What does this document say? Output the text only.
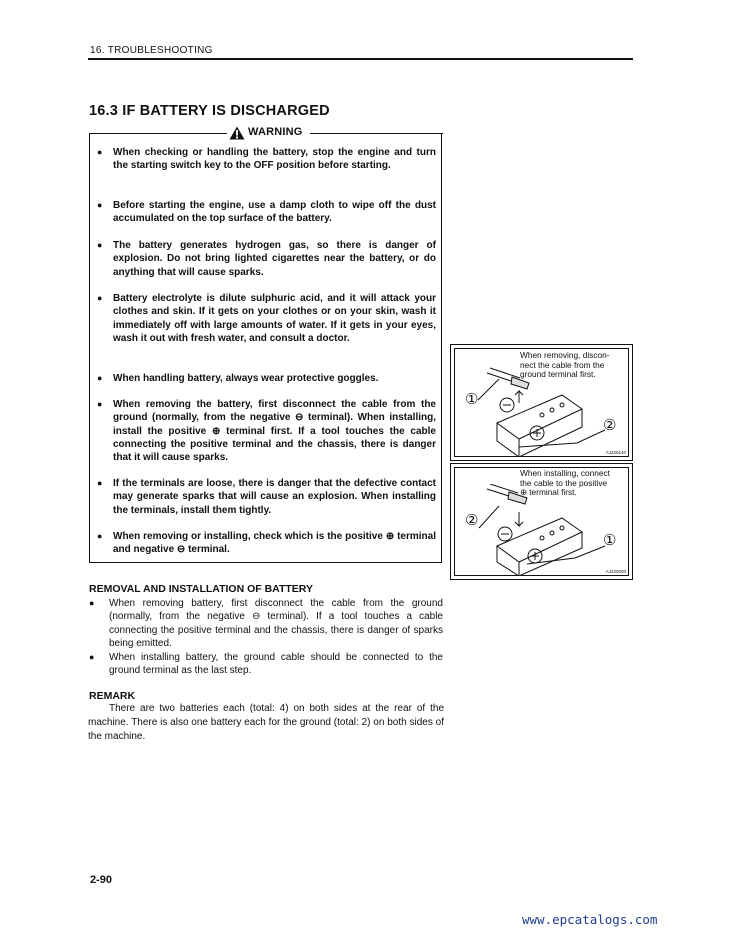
16. TROUBLESHOOTING
16.3 IF BATTERY IS DISCHARGED
WARNING
● When checking or handling the battery, stop the engine and turn the starting switch key to the OFF position before starting.
● Before starting the engine, use a damp cloth to wipe off the dust accumulated on the top surface of the battery.
● The battery generates hydrogen gas, so there is danger of explosion. Do not bring lighted cigarettes near the battery, or do anything that will cause sparks.
● Battery electrolyte is dilute sulphuric acid, and it will attack your clothes and skin. If it gets on your clothes or on your skin, wash it immediately off with large amounts of water. If it gets in your eyes, wash it out with fresh water, and consult a doctor.
● When handling battery, always wear protective goggles.
● When removing the battery, first disconnect the cable from the ground (normally, from the negative ⊖ terminal). When installing, install the positive ⊕ terminal first. If a tool touches the cable connecting the positive terminal and the chassis, there is danger that it will cause sparks.
● If the terminals are loose, there is danger that the defective contact may generate sparks that will cause an explosion. When installing the terminals, install them tightly.
● When removing or installing, check which is the positive ⊕ terminal and negative ⊖ terminal.
When removing, discon-
nect the cable from the
ground terminal first.
①
②
AJ220140
When installing, connect
the cable to the positive
⊕ terminal first.
②
①
AJ220200
REMOVAL AND INSTALLATION OF BATTERY
● When removing battery, first disconnect the cable from the ground (normally, from the negative ⊖ terminal). If a tool touches a cable connecting the positive terminal and the chassis, there is danger of sparks being emitted.
● When installing battery, the ground cable should be connected to the ground terminal as the last step.
REMARK
There are two batteries each (total: 4) on both sides at the rear of the machine. There is also one battery each for the ground (total: 2) on both sides of the machine.
2-90
www.epcatalogs.com
